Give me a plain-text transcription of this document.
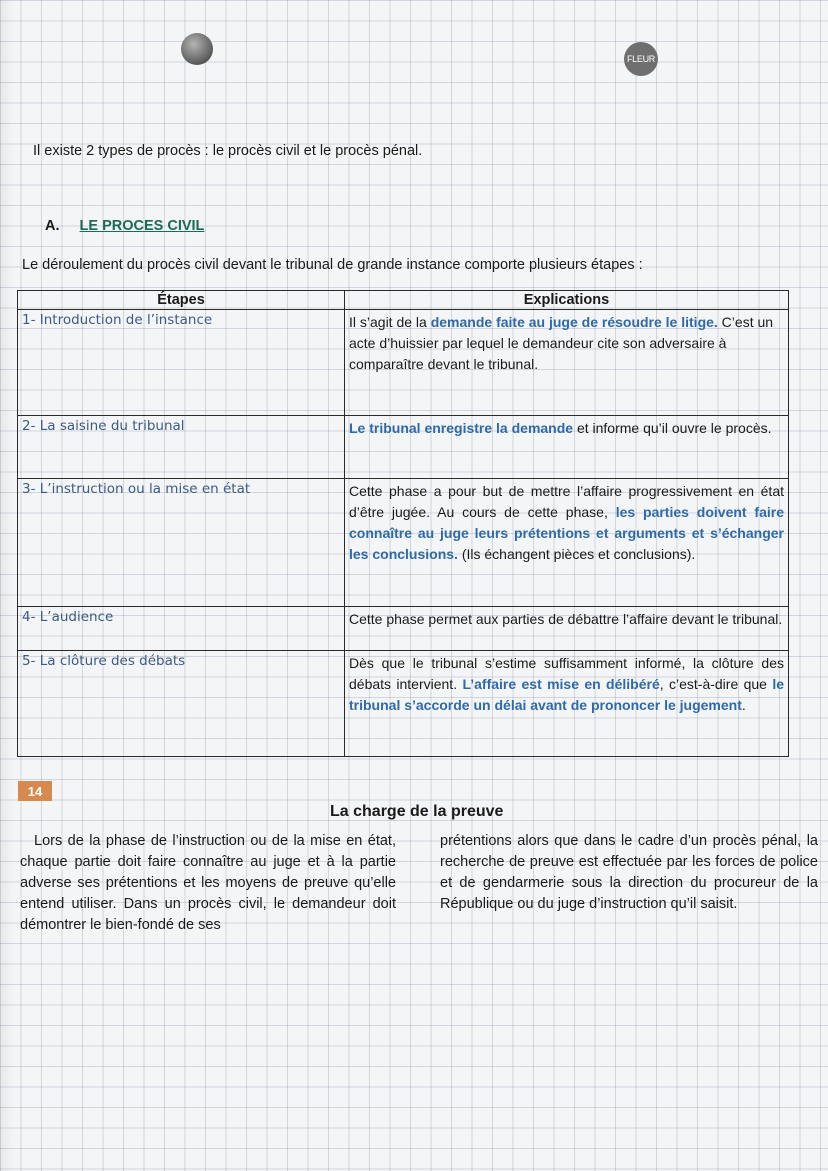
FLEUR

Il existe 2 types de procès : le procès civil et le procès pénal.

A. LE PROCES CIVIL

Le déroulement du procès civil devant le tribunal de grande instance comporte plusieurs étapes :

Étapes	Explications
1- Introduction de l’instance	Il s’agit de la demande faite au juge de résoudre le litige. C’est un acte d’huissier par lequel le demandeur cite son adversaire à comparaître devant le tribunal.
2- La saisine du tribunal	Le tribunal enregistre la demande et informe qu’il ouvre le procès.
3- L’instruction ou la mise en état	Cette phase a pour but de mettre l’affaire progressivement en état d’être jugée. Au cours de cette phase, les parties doivent faire connaître au juge leurs prétentions et arguments et s’échanger les conclusions. (Ils échangent pièces et conclusions).
4- L’audience	Cette phase permet aux parties de débattre l’affaire devant le tribunal.
5- La clôture des débats	Dès que le tribunal s’estime suffisamment informé, la clôture des débats intervient. L’affaire est mise en délibéré, c’est-à-dire que le tribunal s’accorde un délai avant de prononcer le jugement.
14
La charge de la preuve
Lors de la phase de l’instruction ou de la mise en état, chaque partie doit faire connaître au juge et à la partie adverse ses prétentions et les moyens de preuve qu’elle entend utiliser. Dans un procès civil, le demandeur doit démontrer le bien-fondé de ses
prétentions alors que dans le cadre d’un procès pénal, la recherche de preuve est effectuée par les forces de police et de gendarmerie sous la direction du procureur de la République ou du juge d’instruction qu’il saisit.
